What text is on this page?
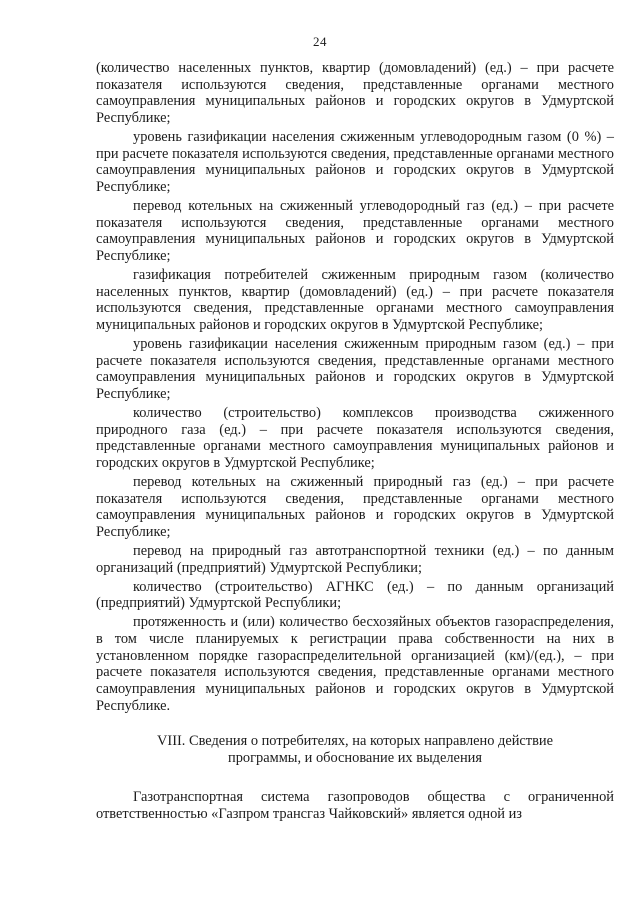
24

(количество населенных пунктов, квартир (домовладений) (ед.) – при расчете показателя используются сведения, представленные органами местного самоуправления муниципальных районов и городских округов в Удмуртской Республике;

уровень газификации населения сжиженным углеводородным газом (0 %) – при расчете показателя используются сведения, представленные органами местного самоуправления муниципальных районов и городских округов в Удмуртской Республике;

перевод котельных на сжиженный углеводородный газ (ед.) – при расчете показателя используются сведения, представленные органами местного самоуправления муниципальных районов и городских округов в Удмуртской Республике;

газификация потребителей сжиженным природным газом (количество населенных пунктов, квартир (домовладений) (ед.) – при расчете показателя используются сведения, представленные органами местного самоуправления муниципальных районов и городских округов в Удмуртской Республике;

уровень газификации населения сжиженным природным газом (ед.) – при расчете показателя используются сведения, представленные органами местного самоуправления муниципальных районов и городских округов в Удмуртской Республике;

количество (строительство) комплексов производства сжиженного природного газа (ед.) – при расчете показателя используются сведения, представленные органами местного самоуправления муниципальных районов и городских округов в Удмуртской Республике;

перевод котельных на сжиженный природный газ (ед.) – при расчете показателя используются сведения, представленные органами местного самоуправления муниципальных районов и городских округов в Удмуртской Республике;

перевод на природный газ автотранспортной техники (ед.) – по данным организаций (предприятий) Удмуртской Республики;

количество (строительство) АГНКС (ед.) – по данным организаций (предприятий) Удмуртской Республики;

протяженность и (или) количество бесхозяйных объектов газораспределения, в том числе планируемых к регистрации права собственности на них в установленном порядке газораспределительной организацией (км)/(ед.), – при расчете показателя используются сведения, представленные органами местного самоуправления муниципальных районов и городских округов в Удмуртской Республике.

VIII. Сведения о потребителях, на которых направлено действие
программы, и обоснование их выделения

Газотранспортная система газопроводов общества с ограниченной ответственностью «Газпром трансгаз Чайковский» является одной из
